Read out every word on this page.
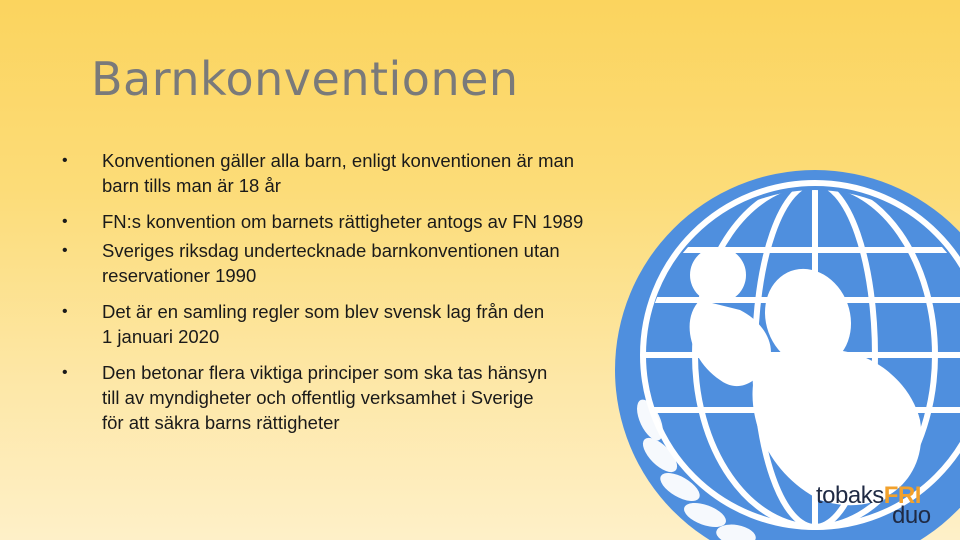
Barnkonventionen
• Konventionen gäller alla barn, enligt konventionen är man
barn tills man är 18 år
• FN:s konvention om barnets rättigheter antogs av FN 1989
• Sveriges riksdag undertecknade barnkonventionen utan
reservationer 1990
• Det är en samling regler som blev svensk lag från den
1 januari 2020
• Den betonar flera viktiga principer som ska tas hänsyn
till av myndigheter och offentlig verksamhet i Sverige
för att säkra barns rättigheter
tobaksFRI
duo
